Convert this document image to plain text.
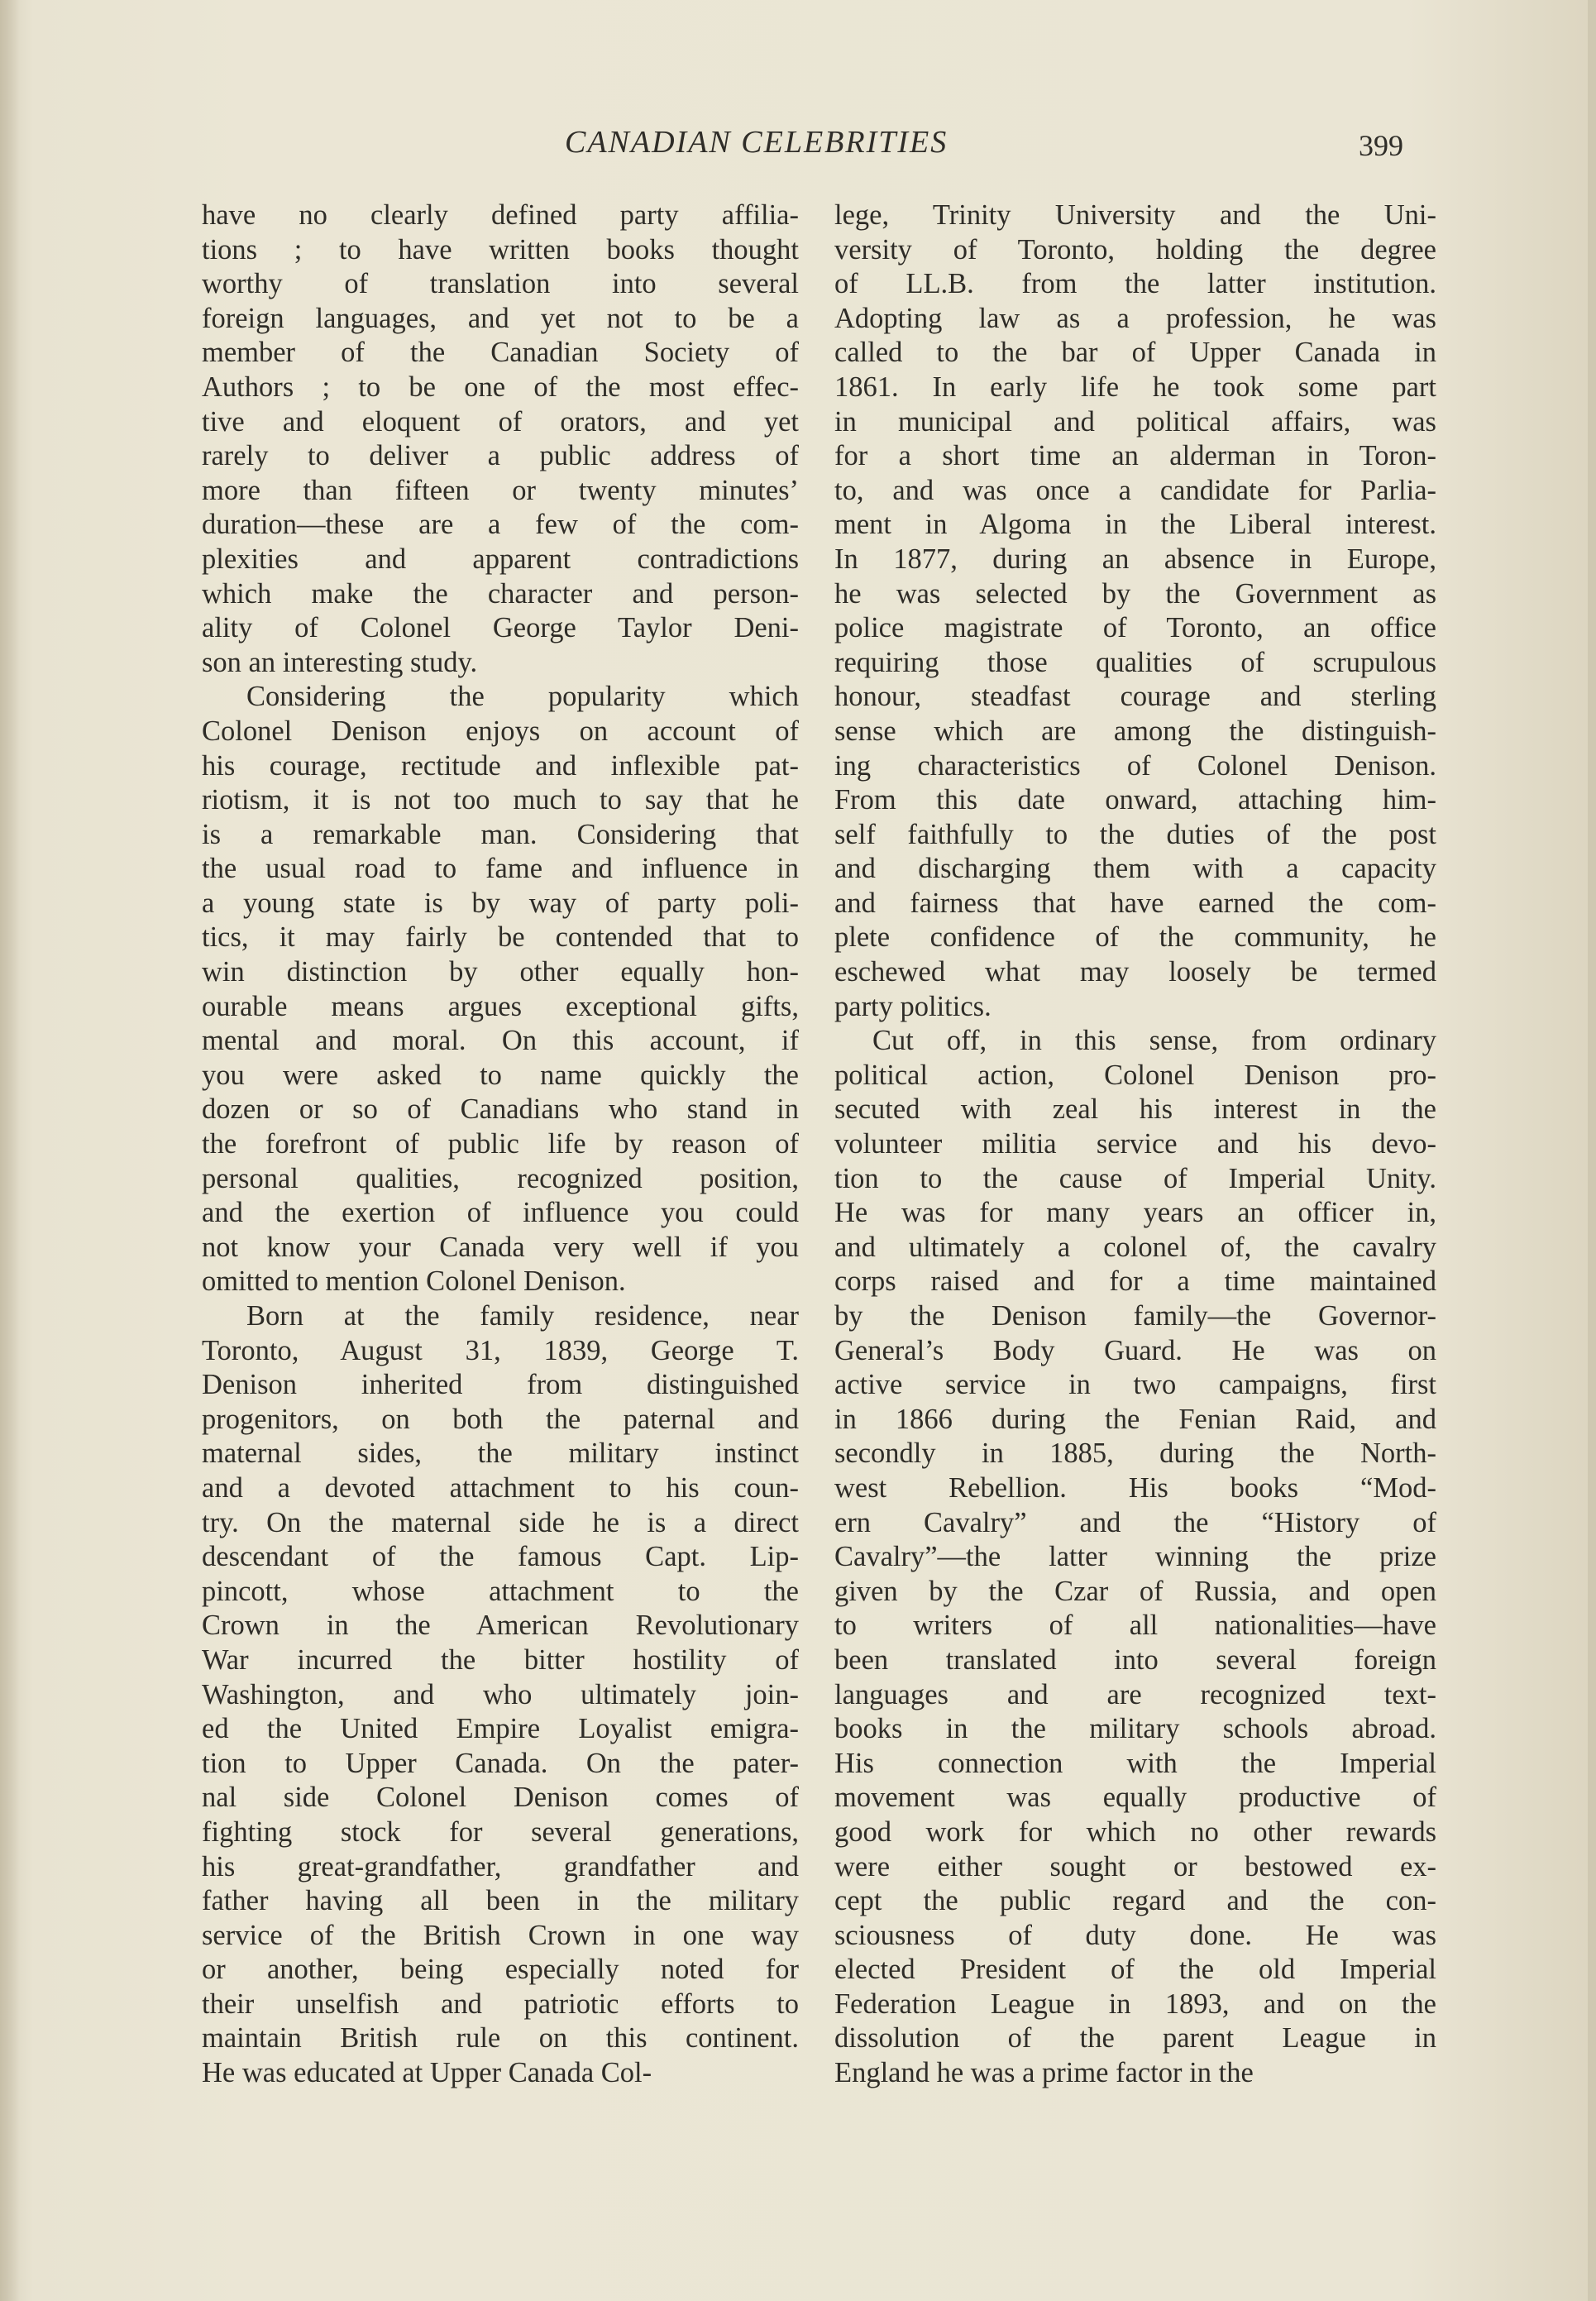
CANADIAN CELEBRITIES	399
have no clearly defined party affilia-
tions ; to have written books thought
worthy of translation into several
foreign languages, and yet not to be a
member of the Canadian Society of
Authors ; to be one of the most effec-
tive and eloquent of orators, and yet
rarely to deliver a public address of
more than fifteen or twenty minutes’
duration—these are a few of the com-
plexities and apparent contradictions
which make the character and person-
ality of Colonel George Taylor Deni-
son an interesting study.
Considering the popularity which
Colonel Denison enjoys on account of
his courage, rectitude and inflexible pat-
riotism, it is not too much to say that he
is a remarkable man. Considering that
the usual road to fame and influence in
a young state is by way of party poli-
tics, it may fairly be contended that to
win distinction by other equally hon-
ourable means argues exceptional gifts,
mental and moral. On this account, if
you were asked to name quickly the
dozen or so of Canadians who stand in
the forefront of public life by reason of
personal qualities, recognized position,
and the exertion of influence you could
not know your Canada very well if you
omitted to mention Colonel Denison.
Born at the family residence, near
Toronto, August 31, 1839, George T.
Denison inherited from distinguished
progenitors, on both the paternal and
maternal sides, the military instinct
and a devoted attachment to his coun-
try. On the maternal side he is a direct
descendant of the famous Capt. Lip-
pincott, whose attachment to the
Crown in the American Revolutionary
War incurred the bitter hostility of
Washington, and who ultimately join-
ed the United Empire Loyalist emigra-
tion to Upper Canada. On the pater-
nal side Colonel Denison comes of
fighting stock for several generations,
his great-grandfather, grandfather and
father having all been in the military
service of the British Crown in one way
or another, being especially noted for
their unselfish and patriotic efforts to
maintain British rule on this continent.
He was educated at Upper Canada Col-
lege, Trinity University and the Uni-
versity of Toronto, holding the degree
of LL.B. from the latter institution.
Adopting law as a profession, he was
called to the bar of Upper Canada in
1861. In early life he took some part
in municipal and political affairs, was
for a short time an alderman in Toron-
to, and was once a candidate for Parlia-
ment in Algoma in the Liberal interest.
In 1877, during an absence in Europe,
he was selected by the Government as
police magistrate of Toronto, an office
requiring those qualities of scrupulous
honour, steadfast courage and sterling
sense which are among the distinguish-
ing characteristics of Colonel Denison.
From this date onward, attaching him-
self faithfully to the duties of the post
and discharging them with a capacity
and fairness that have earned the com-
plete confidence of the community, he
eschewed what may loosely be termed
party politics.
Cut off, in this sense, from ordinary
political action, Colonel Denison pro-
secuted with zeal his interest in the
volunteer militia service and his devo-
tion to the cause of Imperial Unity.
He was for many years an officer in,
and ultimately a colonel of, the cavalry
corps raised and for a time maintained
by the Denison family—the Governor-
General’s Body Guard. He was on
active service in two campaigns, first
in 1866 during the Fenian Raid, and
secondly in 1885, during the North-
west Rebellion. His books “Mod-
ern Cavalry” and the “History of
Cavalry”—the latter winning the prize
given by the Czar of Russia, and open
to writers of all nationalities—have
been translated into several foreign
languages and are recognized text-
books in the military schools abroad.
His connection with the Imperial
movement was equally productive of
good work for which no other rewards
were either sought or bestowed ex-
cept the public regard and the con-
sciousness of duty done. He was
elected President of the old Imperial
Federation League in 1893, and on the
dissolution of the parent League in
England he was a prime factor in the
